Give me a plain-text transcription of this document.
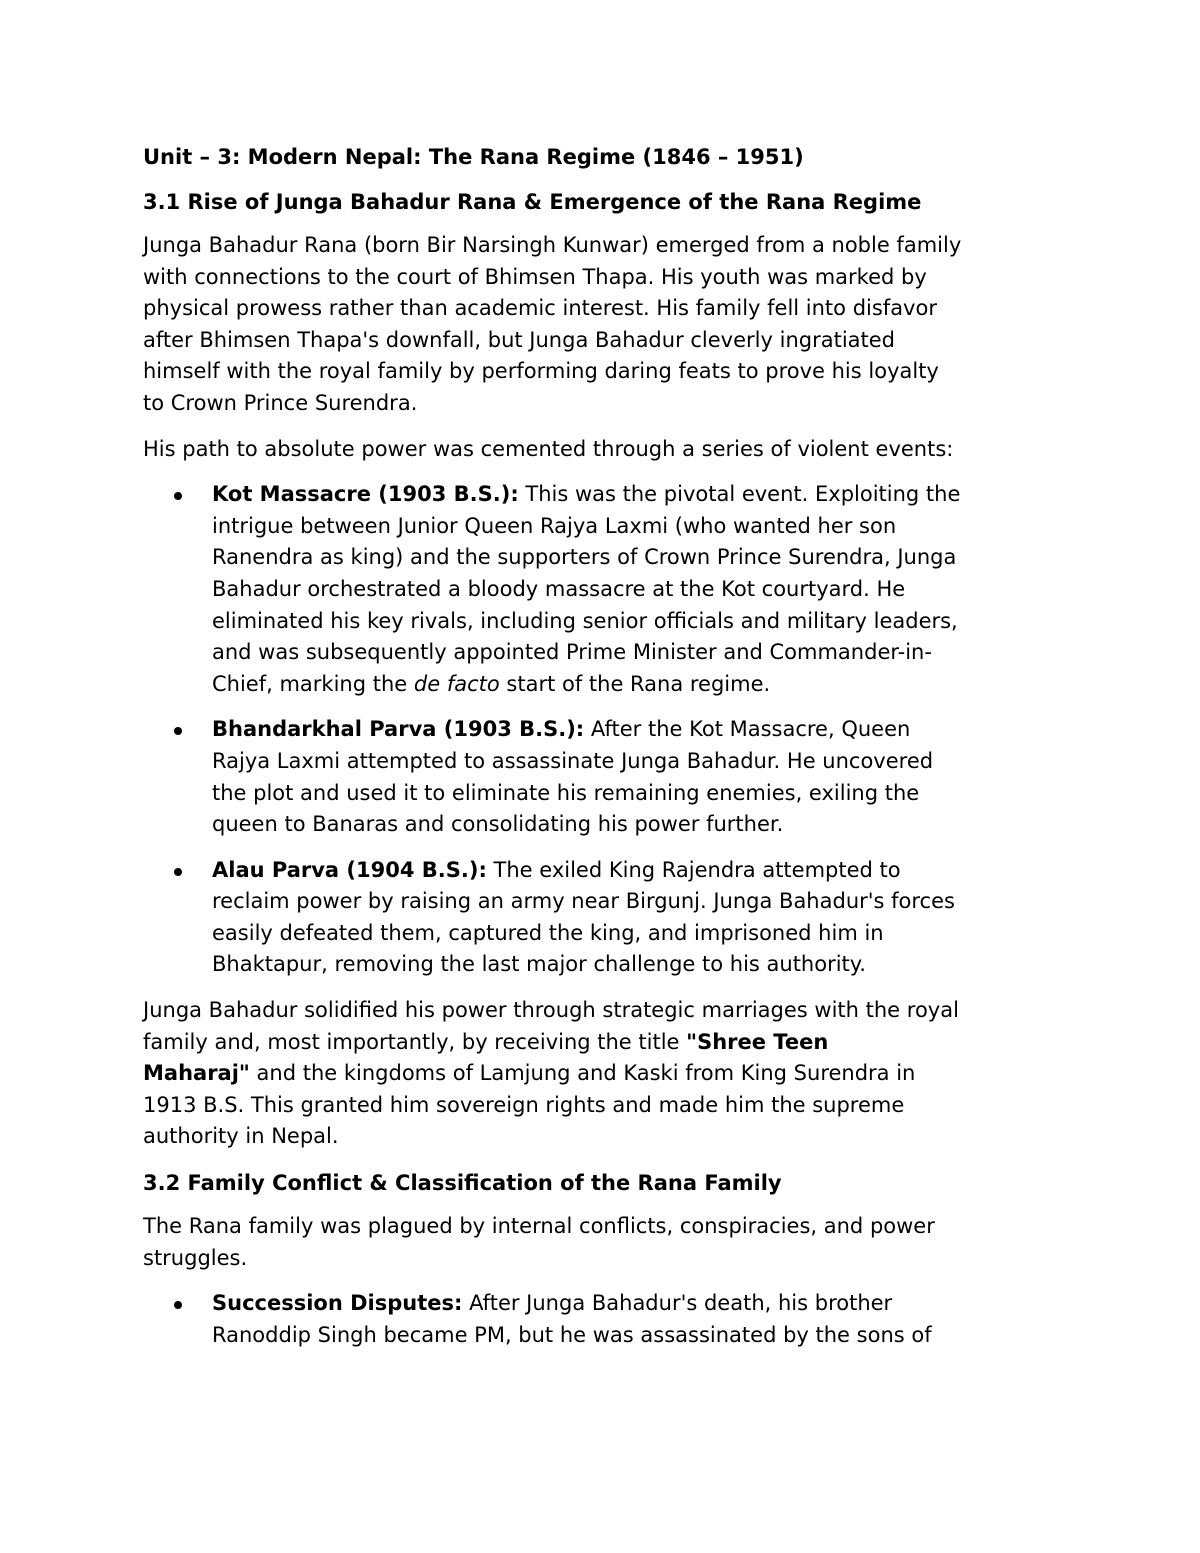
Unit – 3: Modern Nepal: The Rana Regime (1846 – 1951)
3.1 Rise of Junga Bahadur Rana & Emergence of the Rana Regime
Junga Bahadur Rana (born Bir Narsingh Kunwar) emerged from a noble family
with connections to the court of Bhimsen Thapa. His youth was marked by
physical prowess rather than academic interest. His family fell into disfavor
after Bhimsen Thapa's downfall, but Junga Bahadur cleverly ingratiated
himself with the royal family by performing daring feats to prove his loyalty
to Crown Prince Surendra.
His path to absolute power was cemented through a series of violent events:
Kot Massacre (1903 B.S.): This was the pivotal event. Exploiting the
intrigue between Junior Queen Rajya Laxmi (who wanted her son
Ranendra as king) and the supporters of Crown Prince Surendra, Junga
Bahadur orchestrated a bloody massacre at the Kot courtyard. He
eliminated his key rivals, including senior officials and military leaders,
and was subsequently appointed Prime Minister and Commander-in-
Chief, marking the de facto start of the Rana regime.
Bhandarkhal Parva (1903 B.S.): After the Kot Massacre, Queen
Rajya Laxmi attempted to assassinate Junga Bahadur. He uncovered
the plot and used it to eliminate his remaining enemies, exiling the
queen to Banaras and consolidating his power further.
Alau Parva (1904 B.S.): The exiled King Rajendra attempted to
reclaim power by raising an army near Birgunj. Junga Bahadur's forces
easily defeated them, captured the king, and imprisoned him in
Bhaktapur, removing the last major challenge to his authority.
Junga Bahadur solidified his power through strategic marriages with the royal
family and, most importantly, by receiving the title "Shree Teen
Maharaj" and the kingdoms of Lamjung and Kaski from King Surendra in
1913 B.S. This granted him sovereign rights and made him the supreme
authority in Nepal.
3.2 Family Conflict & Classification of the Rana Family
The Rana family was plagued by internal conflicts, conspiracies, and power
struggles.
Succession Disputes: After Junga Bahadur's death, his brother
Ranoddip Singh became PM, but he was assassinated by the sons of
